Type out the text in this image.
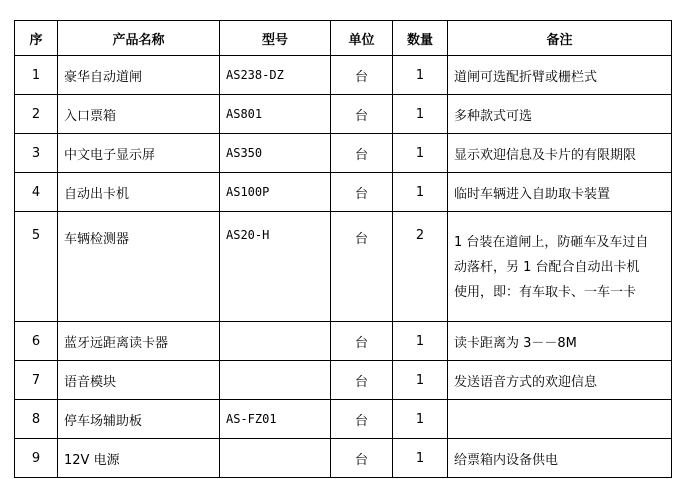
序	产品名称	型号	单位	数量	备注
1	豪华自动道闸	AS238-DZ	台	1	道闸可选配折臂或栅栏式
2	入口票箱	AS801	台	1	多种款式可选
3	中文电子显示屏	AS350	台	1	显示欢迎信息及卡片的有限期限
4	自动出卡机	AS100P	台	1	临时车辆进入自助取卡装置
5	车辆检测器	AS20-H	台	2	1 台装在道闸上，防砸车及车过自
动落杆，另 1 台配合自动出卡机
使用，即：有车取卡、一车一卡

6	蓝牙远距离读卡器		台	1	读卡距离为 3－－8M
7	语音模块		台	1	发送语音方式的欢迎信息
8	停车场辅助板	AS-FZ01	台	1	
9	12V 电源		台	1	给票箱内设备供电
